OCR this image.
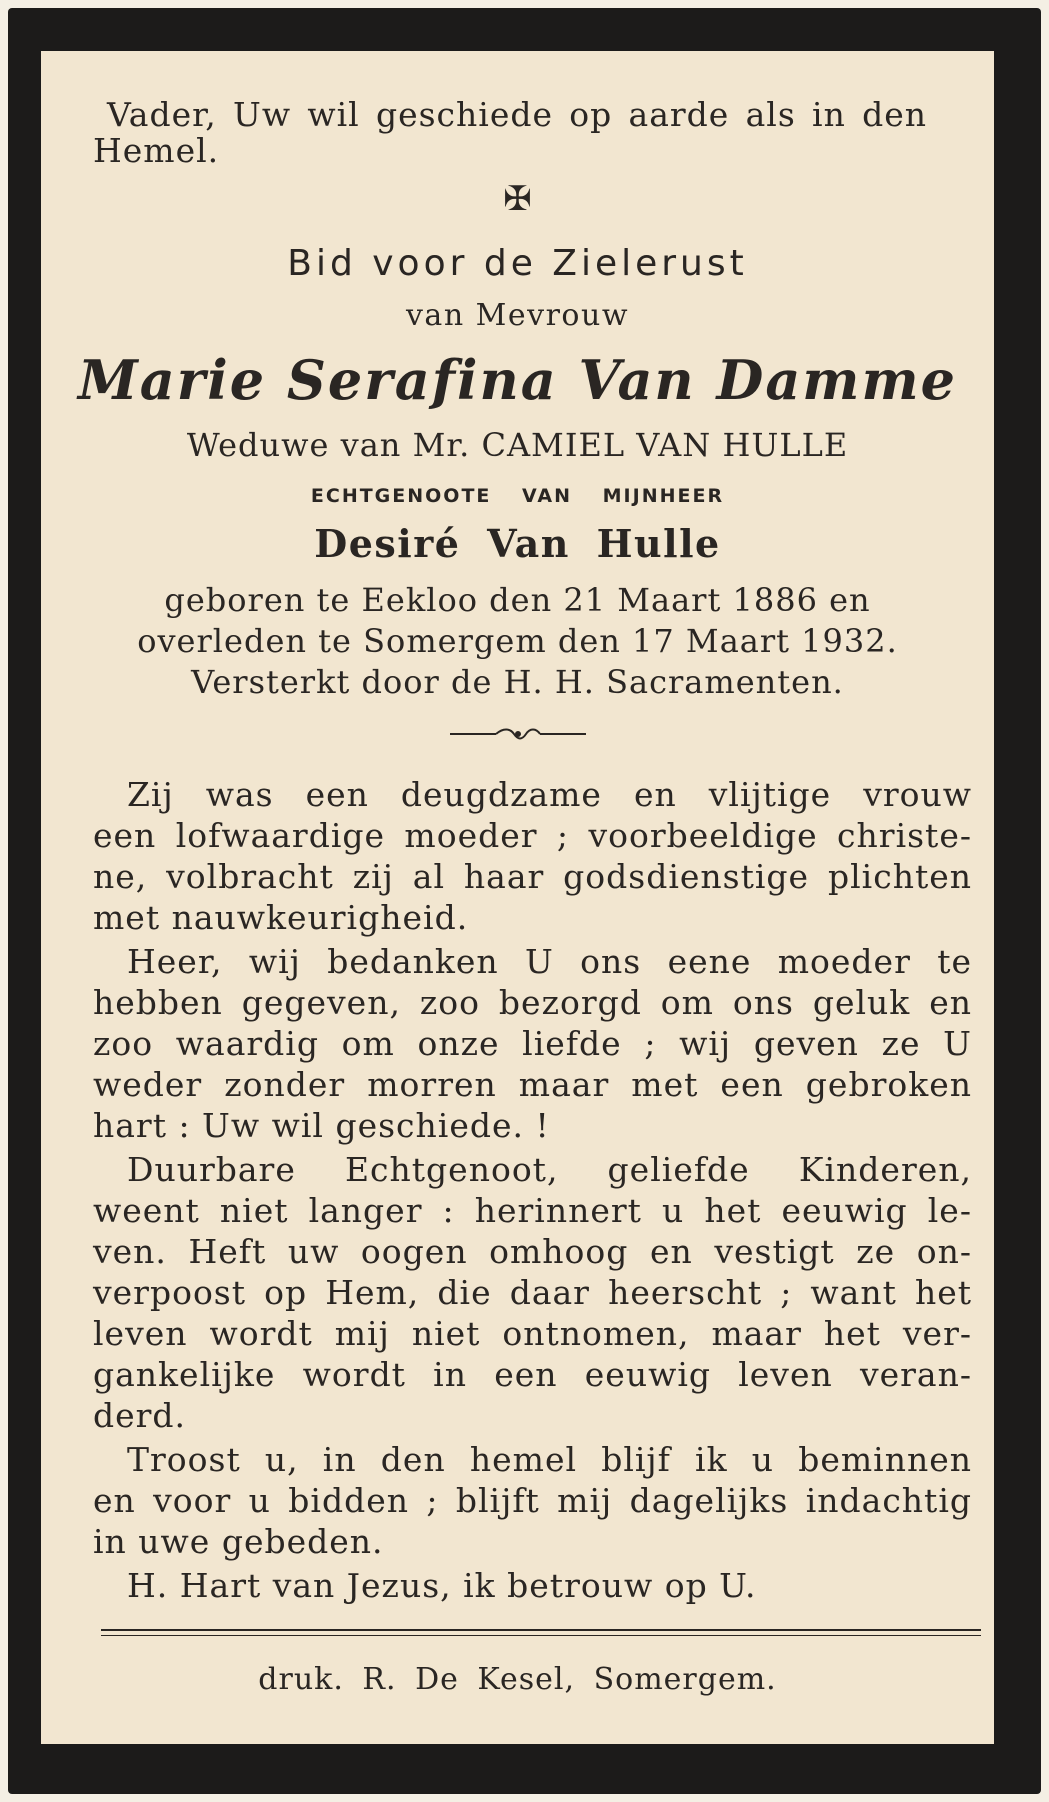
Vader, Uw wil geschiede op aarde als in den
Hemel.
✠
Bid voor de Zielerust
van Mevrouw
Marie Serafina Van Damme
Weduwe van Mr. CAMIEL VAN HULLE
ECHTGENOOTE VAN MIJNHEER
Desiré Van Hulle
geboren te Eekloo den 21 Maart 1886 en
overleden te Somergem den 17 Maart 1932.
Versterkt door de H. H. Sacramenten.
Zij was een deugdzame en vlijtige vrouw
een lofwaardige moeder ; voorbeeldige christe-
ne, volbracht zij al haar godsdienstige plichten
met nauwkeurigheid.
Heer, wij bedanken U ons eene moeder te
hebben gegeven, zoo bezorgd om ons geluk en
zoo waardig om onze liefde ; wij geven ze U
weder zonder morren maar met een gebroken
hart : Uw wil geschiede. !
Duurbare Echtgenoot, geliefde Kinderen,
weent niet langer : herinnert u het eeuwig le-
ven. Heft uw oogen omhoog en vestigt ze on-
verpoost op Hem, die daar heerscht ; want het
leven wordt mij niet ontnomen, maar het ver-
gankelijke wordt in een eeuwig leven veran-
derd.
Troost u, in den hemel blijf ik u beminnen
en voor u bidden ; blijft mij dagelijks indachtig
in uwe gebeden.
H. Hart van Jezus, ik betrouw op U.
druk. R. De Kesel, Somergem.
